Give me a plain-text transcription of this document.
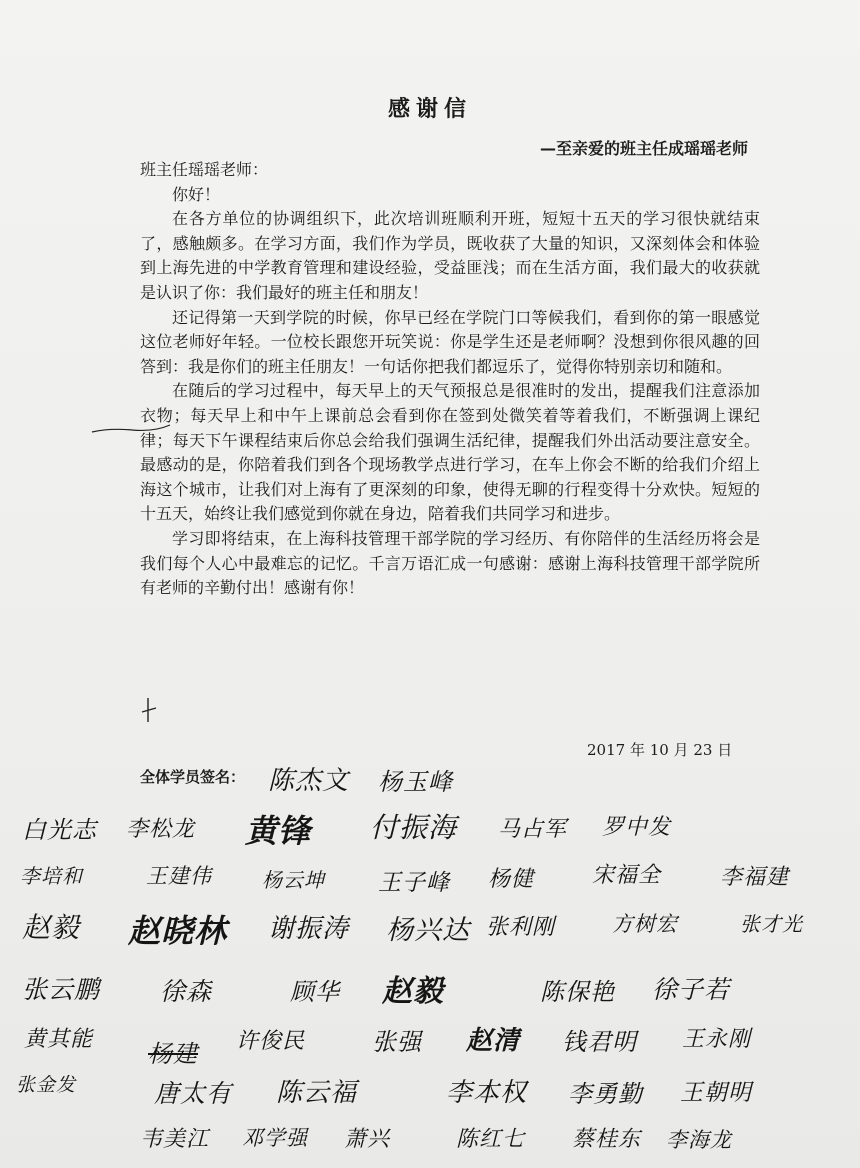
感谢信
—至亲爱的班主任成瑶瑶老师

班主任瑶瑶老师：

你好！

在各方单位的协调组织下，此次培训班顺利开班，短短十五天的学习很快就结束了，感触颇多。在学习方面，我们作为学员，既收获了大量的知识，又深刻体会和体验到上海先进的中学教育管理和建设经验，受益匪浅；而在生活方面，我们最大的收获就是认识了你：我们最好的班主任和朋友！

还记得第一天到学院的时候，你早已经在学院门口等候我们，看到你的第一眼感觉这位老师好年轻。一位校长跟您开玩笑说：你是学生还是老师啊？没想到你很风趣的回答到：我是你们的班主任朋友！一句话你把我们都逗乐了，觉得你特别亲切和随和。

在随后的学习过程中，每天早上的天气预报总是很准时的发出，提醒我们注意添加衣物；每天早上和中午上课前总会看到你在签到处微笑着等着我们，不断强调上课纪律；每天下午课程结束后你总会给我们强调生活纪律，提醒我们外出活动要注意安全。最感动的是，你陪着我们到各个现场教学点进行学习，在车上你会不断的给我们介绍上海这个城市，让我们对上海有了更深刻的印象，使得无聊的行程变得十分欢快。短短的十五天，始终让我们感觉到你就在身边，陪着我们共同学习和进步。

学习即将结束，在上海科技管理干部学院的学习经历、有你陪伴的生活经历将会是我们每个人心中最难忘的记忆。千言万语汇成一句感谢：感谢上海科技管理干部学院所有老师的辛勤付出！感谢有你！

2017 年 10 月 23 日
全体学员签名： 陈杰文 杨玉峰
白光志 李松龙 黄锋 付振海 马占军 罗中发
李培和	王建伟	杨云坤 王子峰 杨健	宋福全	李福建
赵毅 赵晓林 谢振涛 杨兴达 张利刚	方树宏	张才光
张云鹏 徐森	顾华 赵毅	陈保艳 徐子若
黄其能
杨建 许俊民	张强 赵清 钱君明 王永刚
张金发	唐太有 陈云福	李本权 李勇勤 王朝明
韦美江 邓学强 萧兴	陈红七 蔡桂东 李海龙
